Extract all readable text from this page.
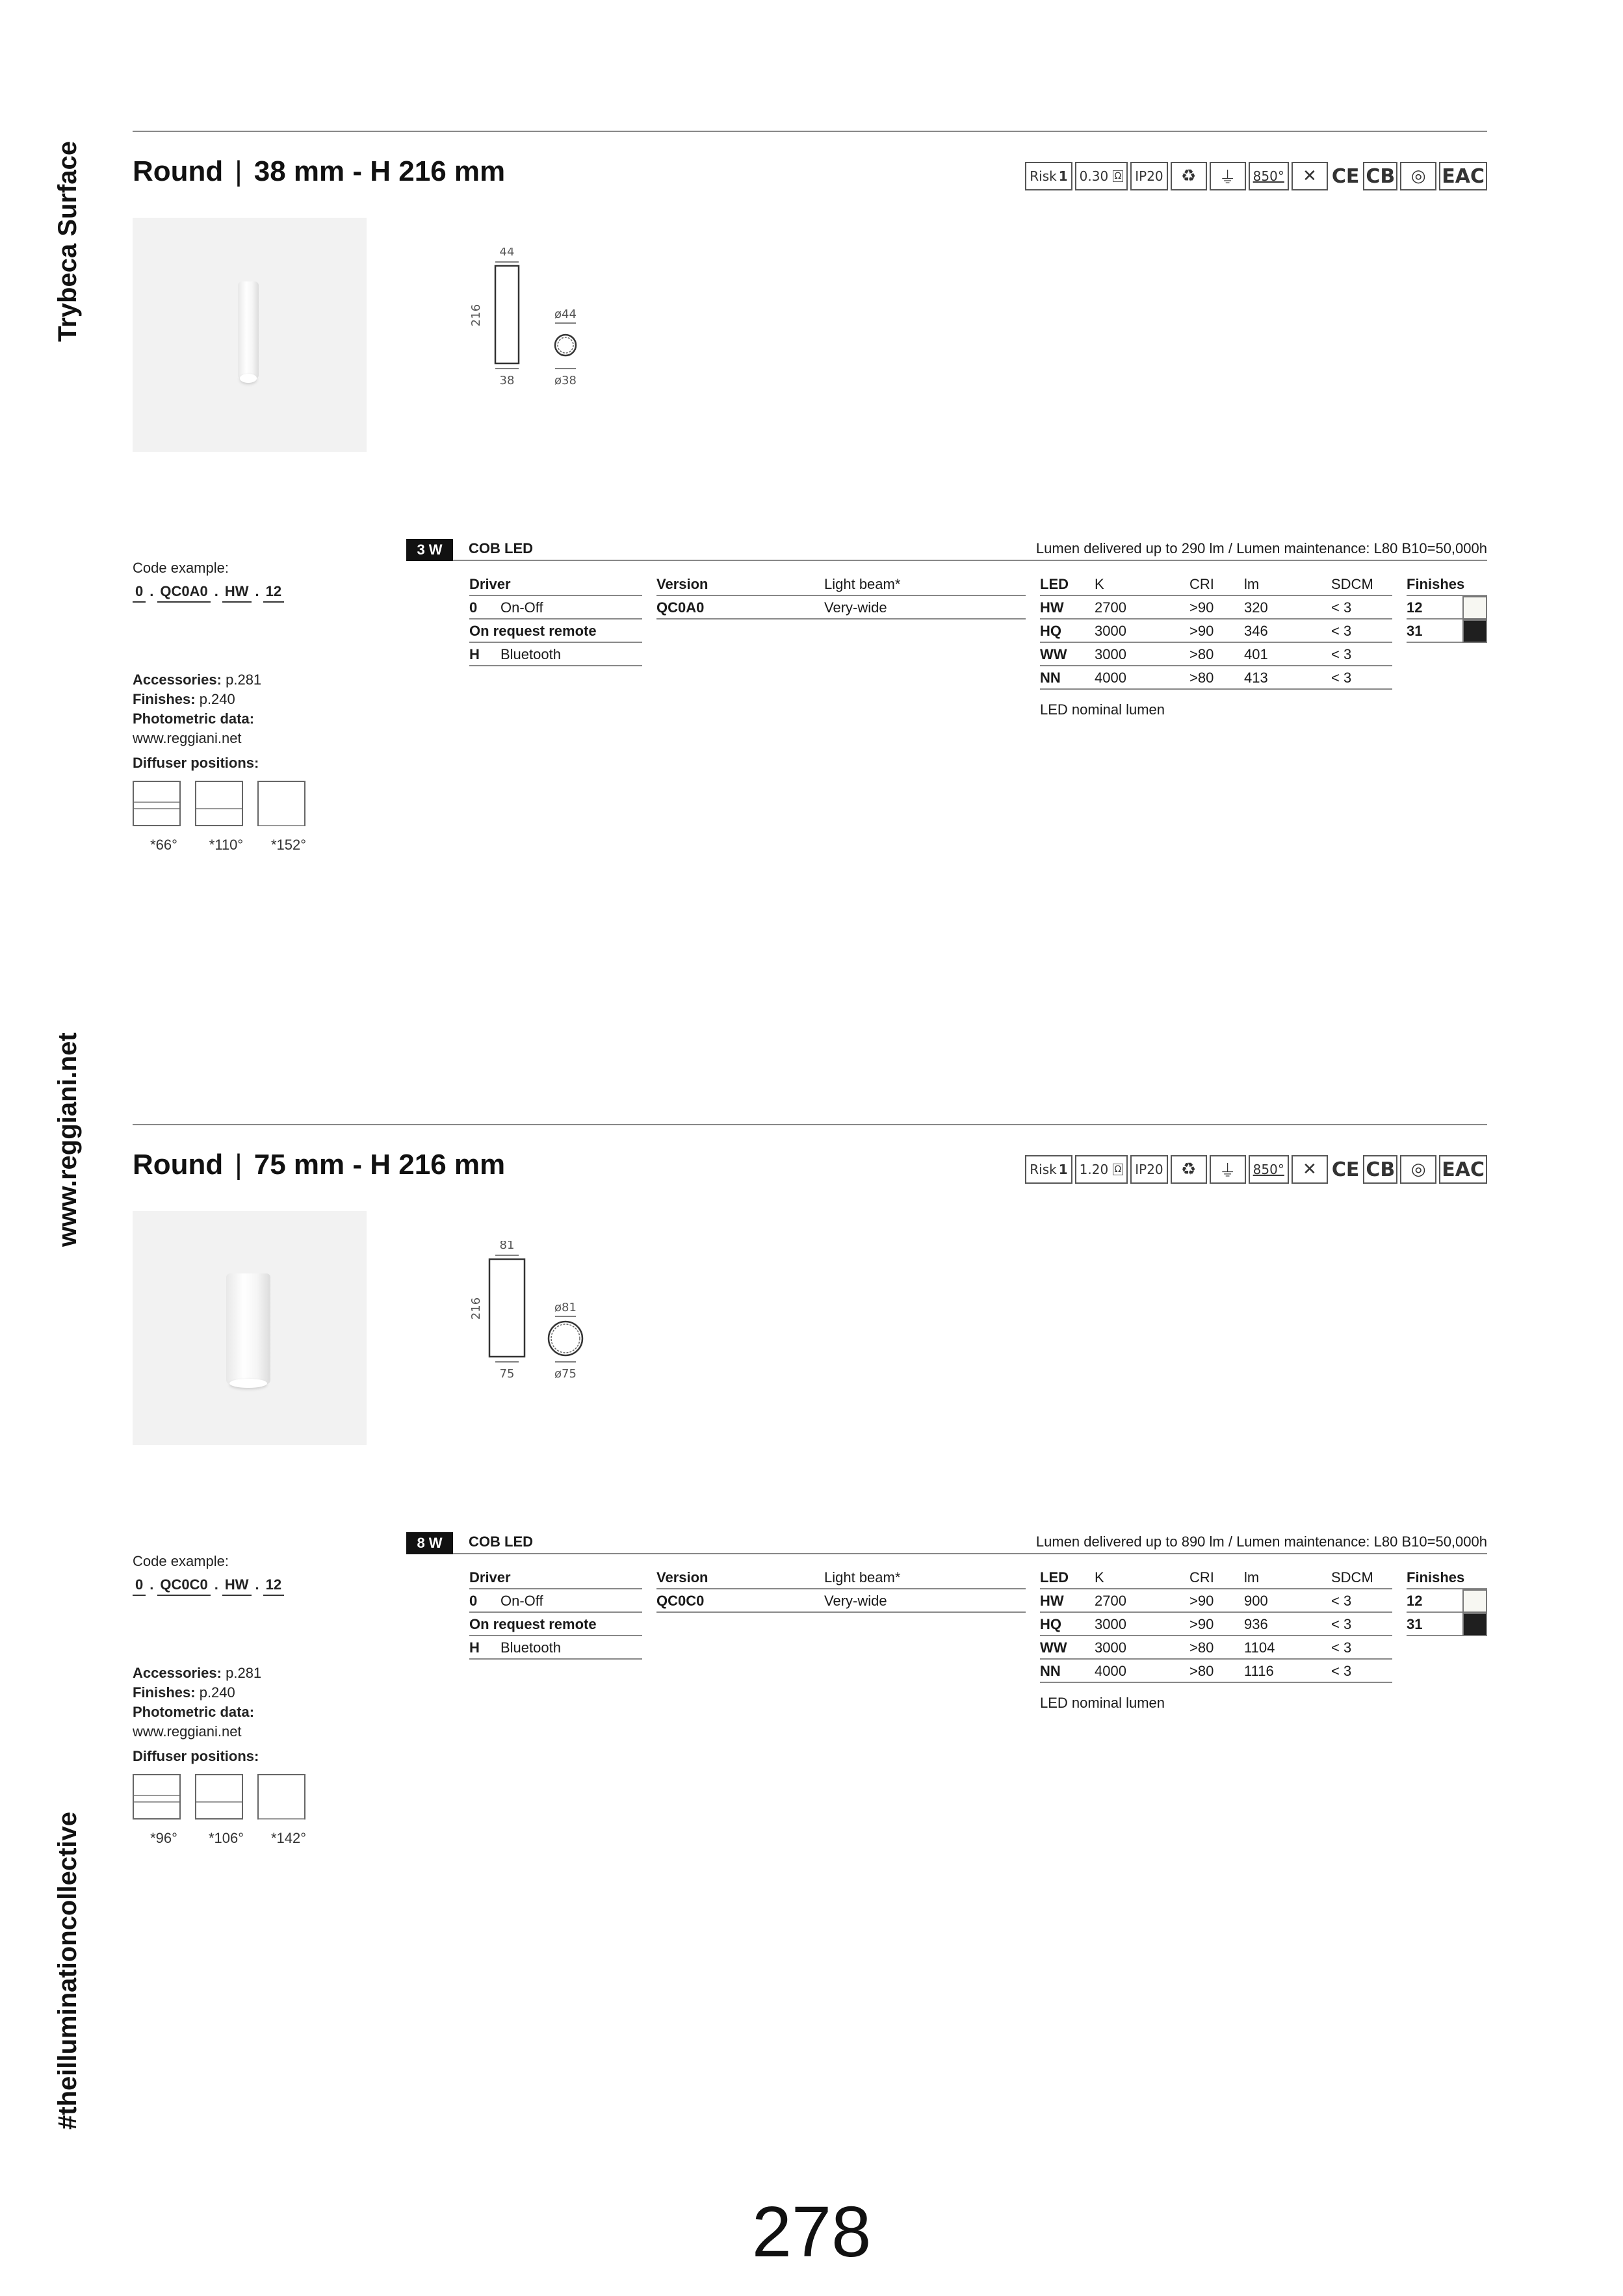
Trybeca Surface
www.reggiani.net
#theilluminationcollective
Round | 38 mm - H 216 mm	Risk 1 0.30
Ω	IP20	♻	⏚	850°	✕ CE CB ◎ EAC
44
216
38
ø44
ø38
3 W	COB LED	Lumen delivered up to 290 lm / Lumen maintenance: L80 B10=50,000h
Driver
0	On-Off
On request remote
H	Bluetooth
Version	Light beam*
QC0A0	Very-wide
LED	K	CRI	lm	SDCM
HW	2700	>90	320	< 3
HQ	3000	>90	346	< 3
WW	3000	>80	401	< 3
NN	4000	>80	413	< 3
LED nominal lumen
Finishes
12
31
Code example:
0 . QC0A0 . HW . 12
Accessories: p.281
Finishes: p.240
Photometric data:
www.reggiani.net
Diffuser positions:
*66°	*110°	*152°
Round | 75 mm - H 216 mm	Risk 1 1.20
Ω	IP20	♻	⏚	850°	✕ CE CB ◎ EAC
81
216
75
ø81
ø75
8 W	COB LED	Lumen delivered up to 890 lm / Lumen maintenance: L80 B10=50,000h
Driver
0	On-Off
On request remote
H	Bluetooth
Version	Light beam*
QC0C0	Very-wide
LED	K	CRI	lm	SDCM
HW	2700	>90	900	< 3
HQ	3000	>90	936	< 3
WW	3000	>80	1104	< 3
NN	4000	>80	1116	< 3
LED nominal lumen
Finishes
12
31
Code example:
0 . QC0C0 . HW . 12
Accessories: p.281
Finishes: p.240
Photometric data:
www.reggiani.net
Diffuser positions:
*96°	*106°	*142°
278
